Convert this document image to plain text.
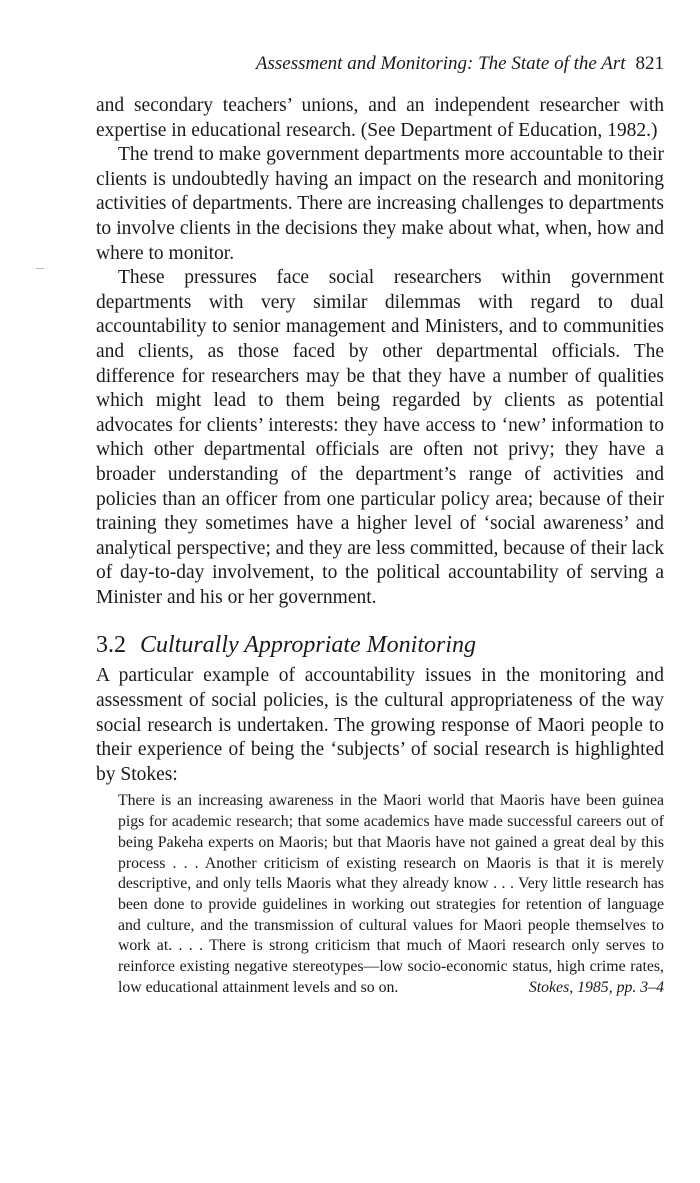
Assessment and Monitoring: The State of the Art 821

and secondary teachers’ unions, and an independent researcher with expertise in educational research. (See Department of Education, 1982.)

The trend to make government departments more accountable to their clients is undoubtedly having an impact on the research and monitoring activities of departments. There are increasing challenges to departments to involve clients in the decisions they make about what, when, how and where to monitor.

These pressures face social researchers within government departments with very similar dilemmas with regard to dual accountability to senior management and Ministers, and to communities and clients, as those faced by other departmental officials. The difference for researchers may be that they have a number of qualities which might lead to them being regarded by clients as potential advocates for clients’ interests: they have access to ‘new’ information to which other departmental officials are often not privy; they have a broader understanding of the department’s range of activities and policies than an officer from one particular policy area; because of their training they sometimes have a higher level of ‘social awareness’ and analytical perspective; and they are less committed, because of their lack of day-to-day involvement, to the political accountability of serving a Minister and his or her government.

3.2 Culturally Appropriate Monitoring

A particular example of accountability issues in the monitoring and assessment of social policies, is the cultural appropriateness of the way social research is undertaken. The growing response of Maori people to their experience of being the ‘subjects’ of social research is highlighted by Stokes:

There is an increasing awareness in the Maori world that Maoris have been guinea pigs for academic research; that some academics have made successful careers out of being Pakeha experts on Maoris; but that Maoris have not gained a great deal by this process . . . Another criticism of existing research on Maoris is that it is merely descriptive, and only tells Maoris what they already know . . . Very little research has been done to provide guidelines in working out strategies for retention of language and culture, and the transmission of cultural values for Maori people themselves to work at. . . . There is strong criticism that much of Maori research only serves to reinforce existing negative stereotypes—low socio-economic status, high crime rates, low educational attainment levels and so on.	Stokes, 1985, pp. 3–4
